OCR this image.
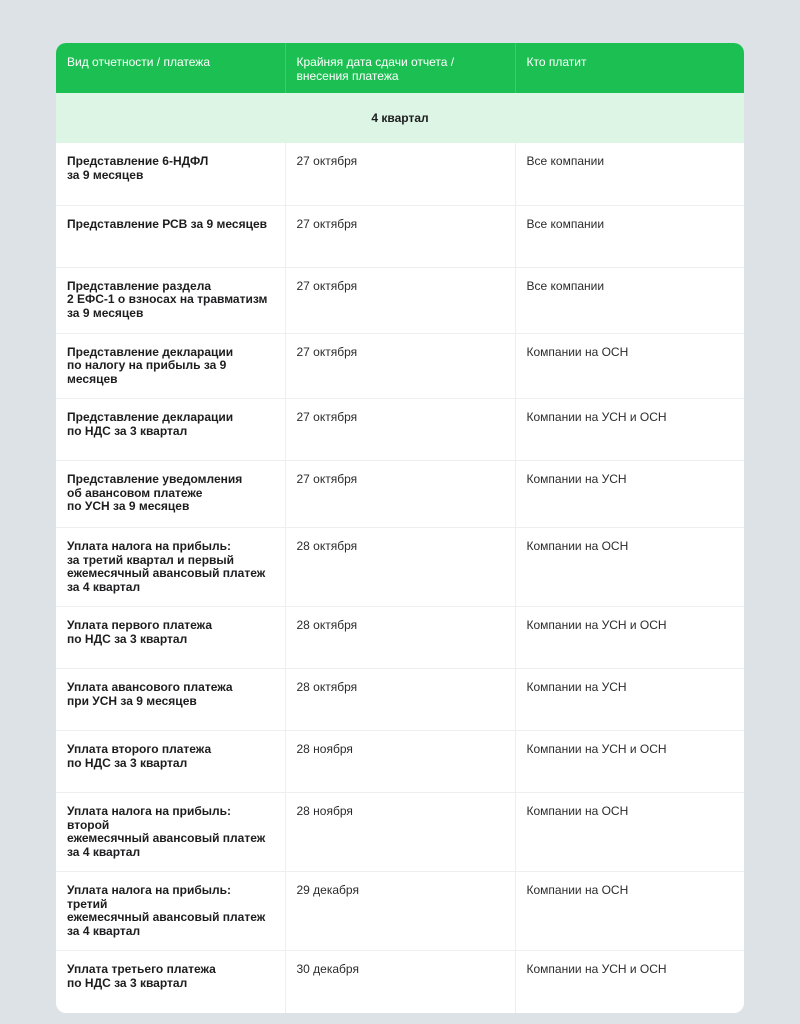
Вид отчетности / платежа	Крайняя дата сдачи отчета / внесения платежа	Кто платит
4 квартал		
Представление 6-НДФЛ
за 9 месяцев	27 октября	Все компании
Представление РСВ за 9 месяцев	27 октября	Все компании
Представление раздела
2 ЕФС-1 о взносах на травматизм
за 9 месяцев	27 октября	Все компании
Представление декларации
по налогу на прибыль за 9 месяцев	27 октября	Компании на ОСН
Представление декларации
по НДС за 3 квартал	27 октября	Компании на УСН и ОСН
Представление уведомления
об авансовом платеже
по УСН за 9 месяцев	27 октября	Компании на УСН
Уплата налога на прибыль:
за третий квартал и первый
ежемесячный авансовый платеж
за 4 квартал	28 октября	Компании на ОСН
Уплата первого платежа
по НДС за 3 квартал	28 октября	Компании на УСН и ОСН
Уплата авансового платежа
при УСН за 9 месяцев	28 октября	Компании на УСН
Уплата второго платежа
по НДС за 3 квартал	28 ноября	Компании на УСН и ОСН
Уплата налога на прибыль: второй
ежемесячный авансовый платеж
за 4 квартал	28 ноября	Компании на ОСН
Уплата налога на прибыль: третий
ежемесячный авансовый платеж
за 4 квартал	29 декабря	Компании на ОСН
Уплата третьего платежа
по НДС за 3 квартал	30 декабря	Компании на УСН и ОСН
